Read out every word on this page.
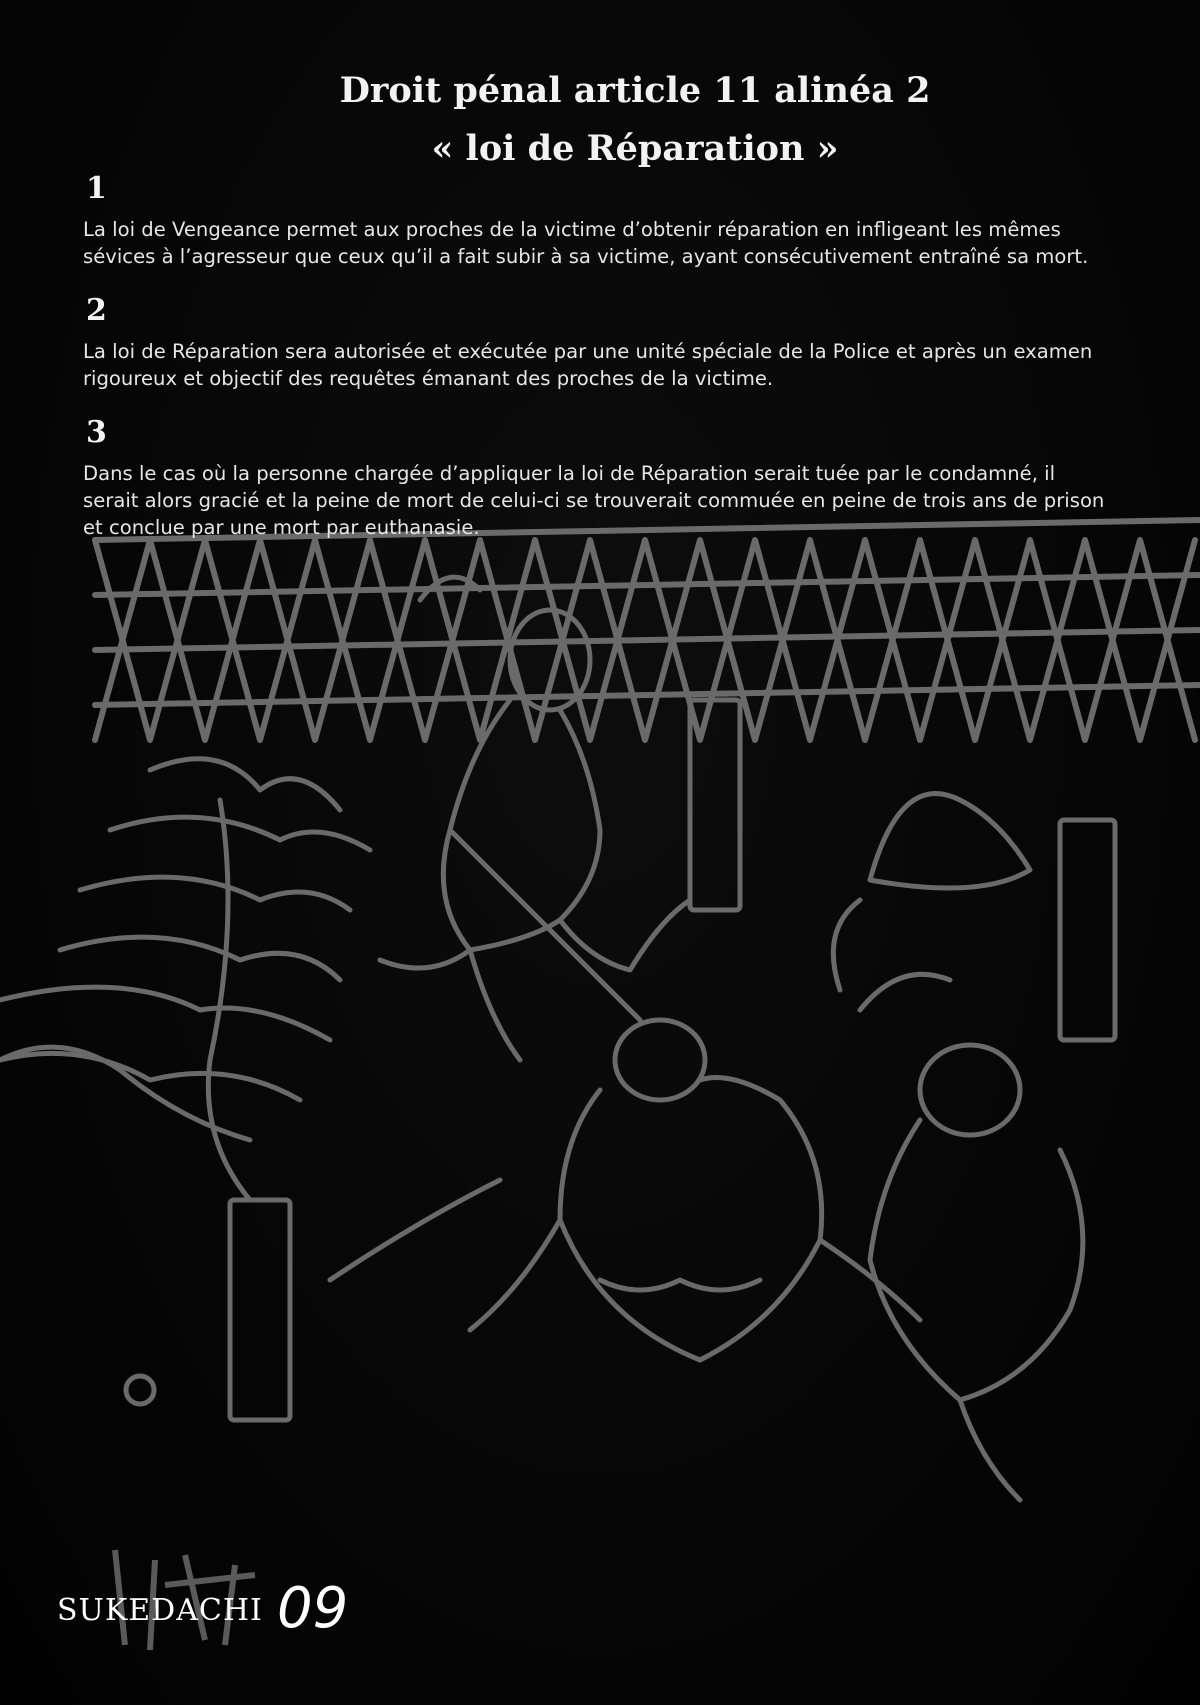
Droit pénal article 11 alinéa 2
« loi de Réparation »

1

La loi de Vengeance permet aux proches de la victime d’obtenir réparation en infligeant les mêmes sévices à l’agresseur que ceux qu’il a fait subir à sa victime, ayant consécutivement entraîné sa mort.

2

La loi de Réparation sera autorisée et exécutée par une unité spéciale de la Police et après un examen rigoureux et objectif des requêtes émanant des proches de la victime.

3

Dans le cas où la personne chargée d’appliquer la loi de Réparation serait tuée par le condamné, il serait alors gracié et la peine de mort de celui-ci se trouverait commuée en peine de trois ans de prison et conclue par une mort par euthanasie.

SUKEDACHI 09
